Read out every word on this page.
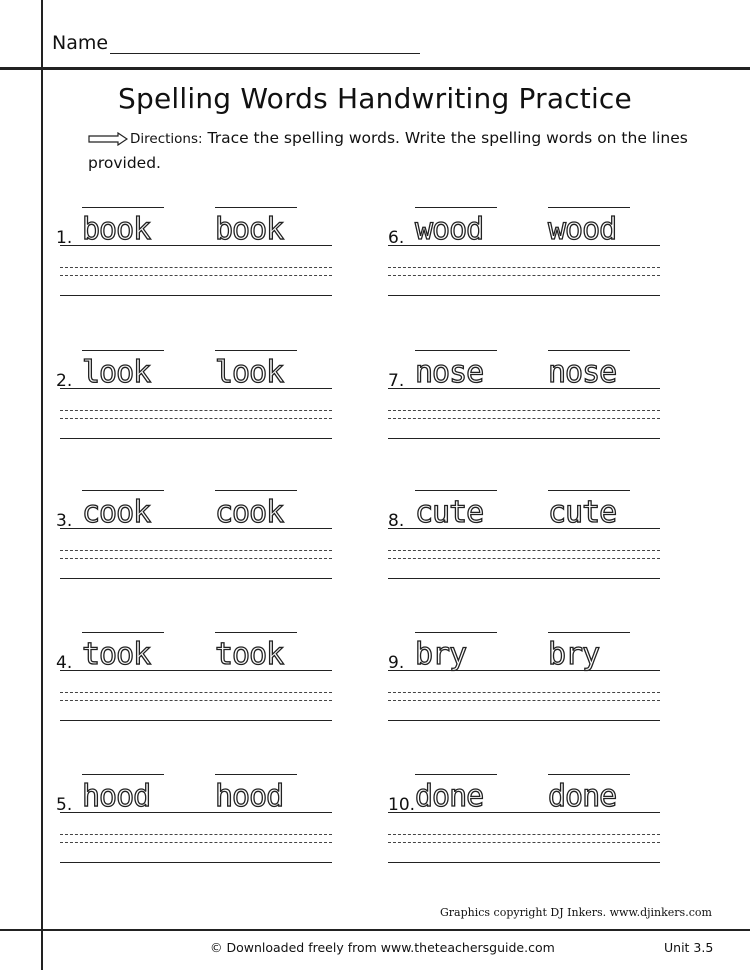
Name
Spelling Words Handwriting Practice
Directions: Trace the spelling words. Write the spelling words on the lines provided.
1. book book
2. look look
3. cook cook
4. took took
5. hood hood
6. wood wood
7. nose nose
8. cute cute
9. bry	bry
10. done done
Graphics copyright DJ Inkers. www.djinkers.com
© Downloaded freely from www.theteachersguide.com	Unit 3.5
